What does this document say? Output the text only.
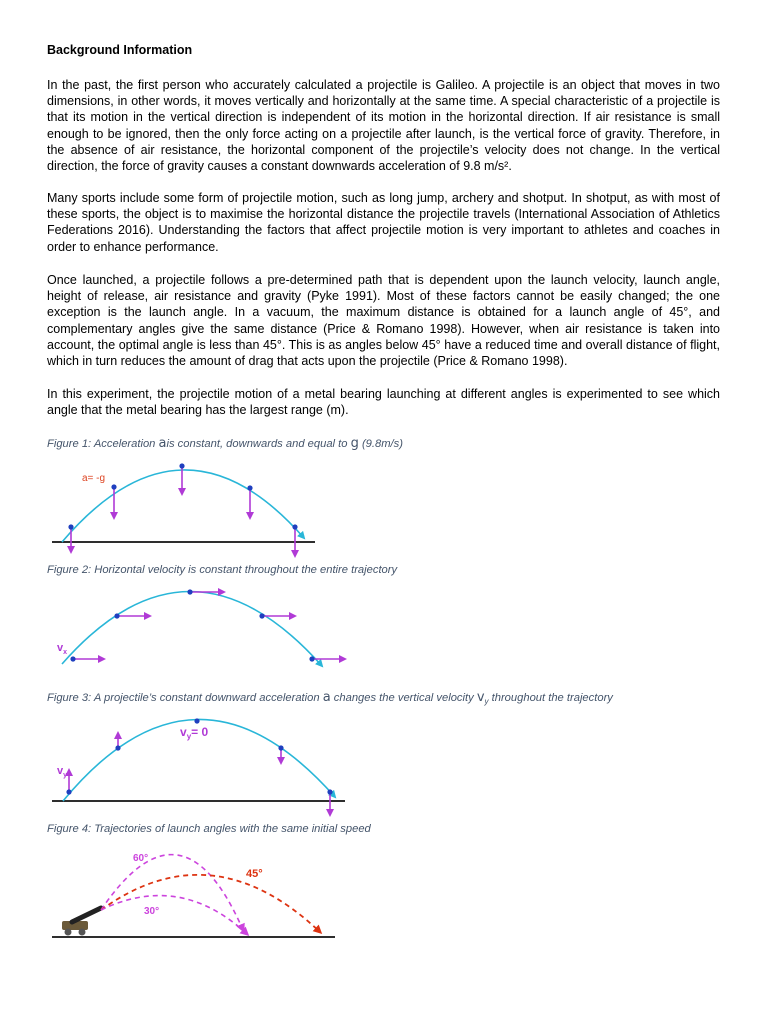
Background Information

In the past, the first person who accurately calculated a projectile is Galileo. A projectile is an object that moves in two dimensions, in other words, it moves vertically and horizontally at the same time. A special characteristic of a projectile is that its motion in the vertical direction is independent of its motion in the horizontal direction. If air resistance is small enough to be ignored, then the only force acting on a projectile after launch, is the vertical force of gravity. Therefore, in the absence of air resistance, the horizontal component of the projectile’s velocity does not change. In the vertical direction, the force of gravity causes a constant downwards acceleration of 9.8 m/s².

Many sports include some form of projectile motion, such as long jump, archery and shotput. In shotput, as with most of these sports, the object is to maximise the horizontal distance the projectile travels (International Association of Athletics Federations 2016). Understanding the factors that affect projectile motion is very important to athletes and coaches in order to enhance performance.

Once launched, a projectile follows a pre-determined path that is dependent upon the launch velocity, launch angle, height of release, air resistance and gravity (Pyke 1991). Most of these factors cannot be easily changed; the one exception is the launch angle. In a vacuum, the maximum distance is obtained for a launch angle of 45°, and complementary angles give the same distance (Price & Romano 1998). However, when air resistance is taken into account, the optimal angle is less than 45°. This is as angles below 45° have a reduced time and overall distance of flight, which in turn reduces the amount of drag that acts upon the projectile (Price & Romano 1998).

In this experiment, the projectile motion of a metal bearing launching at different angles is experimented to see which angle that the metal bearing has the largest range (m).

Figure 1: Acceleration ais constant, downwards and equal to g (9.8m/s)
a= -g
$v_x$
$v_y= 0$
$v_y$
60°
45°
30°
Figure 2: Horizontal velocity is constant throughout the entire trajectory
Figure 3: A projectile’s constant downward acceleration a changes the vertical velocity $v_y$ throughout the trajectory
Figure 4: Trajectories of launch angles with the same initial speed
